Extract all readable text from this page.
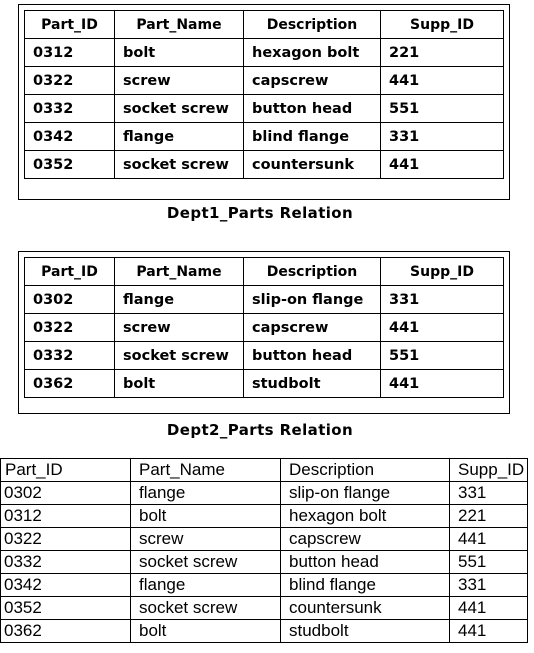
Part_ID	Part_Name	Description	Supp_ID
0312	bolt	hexagon bolt	221
0322	screw	capscrew	441
0332	socket screw	button head	551
0342	flange	blind flange	331
0352	socket screw	countersunk	441
Dept1_Parts Relation
Part_ID	Part_Name	Description	Supp_ID
0302	flange	slip-on flange	331
0322	screw	capscrew	441
0332	socket screw	button head	551
0362	bolt	studbolt	441
Dept2_Parts Relation
Part_ID	Part_Name	Description	Supp_ID
0302	flange	slip-on flange	331
0312	bolt	hexagon bolt	221
0322	screw	capscrew	441
0332	socket screw	button head	551
0342	flange	blind flange	331
0352	socket screw	countersunk	441
0362	bolt	studbolt	441
